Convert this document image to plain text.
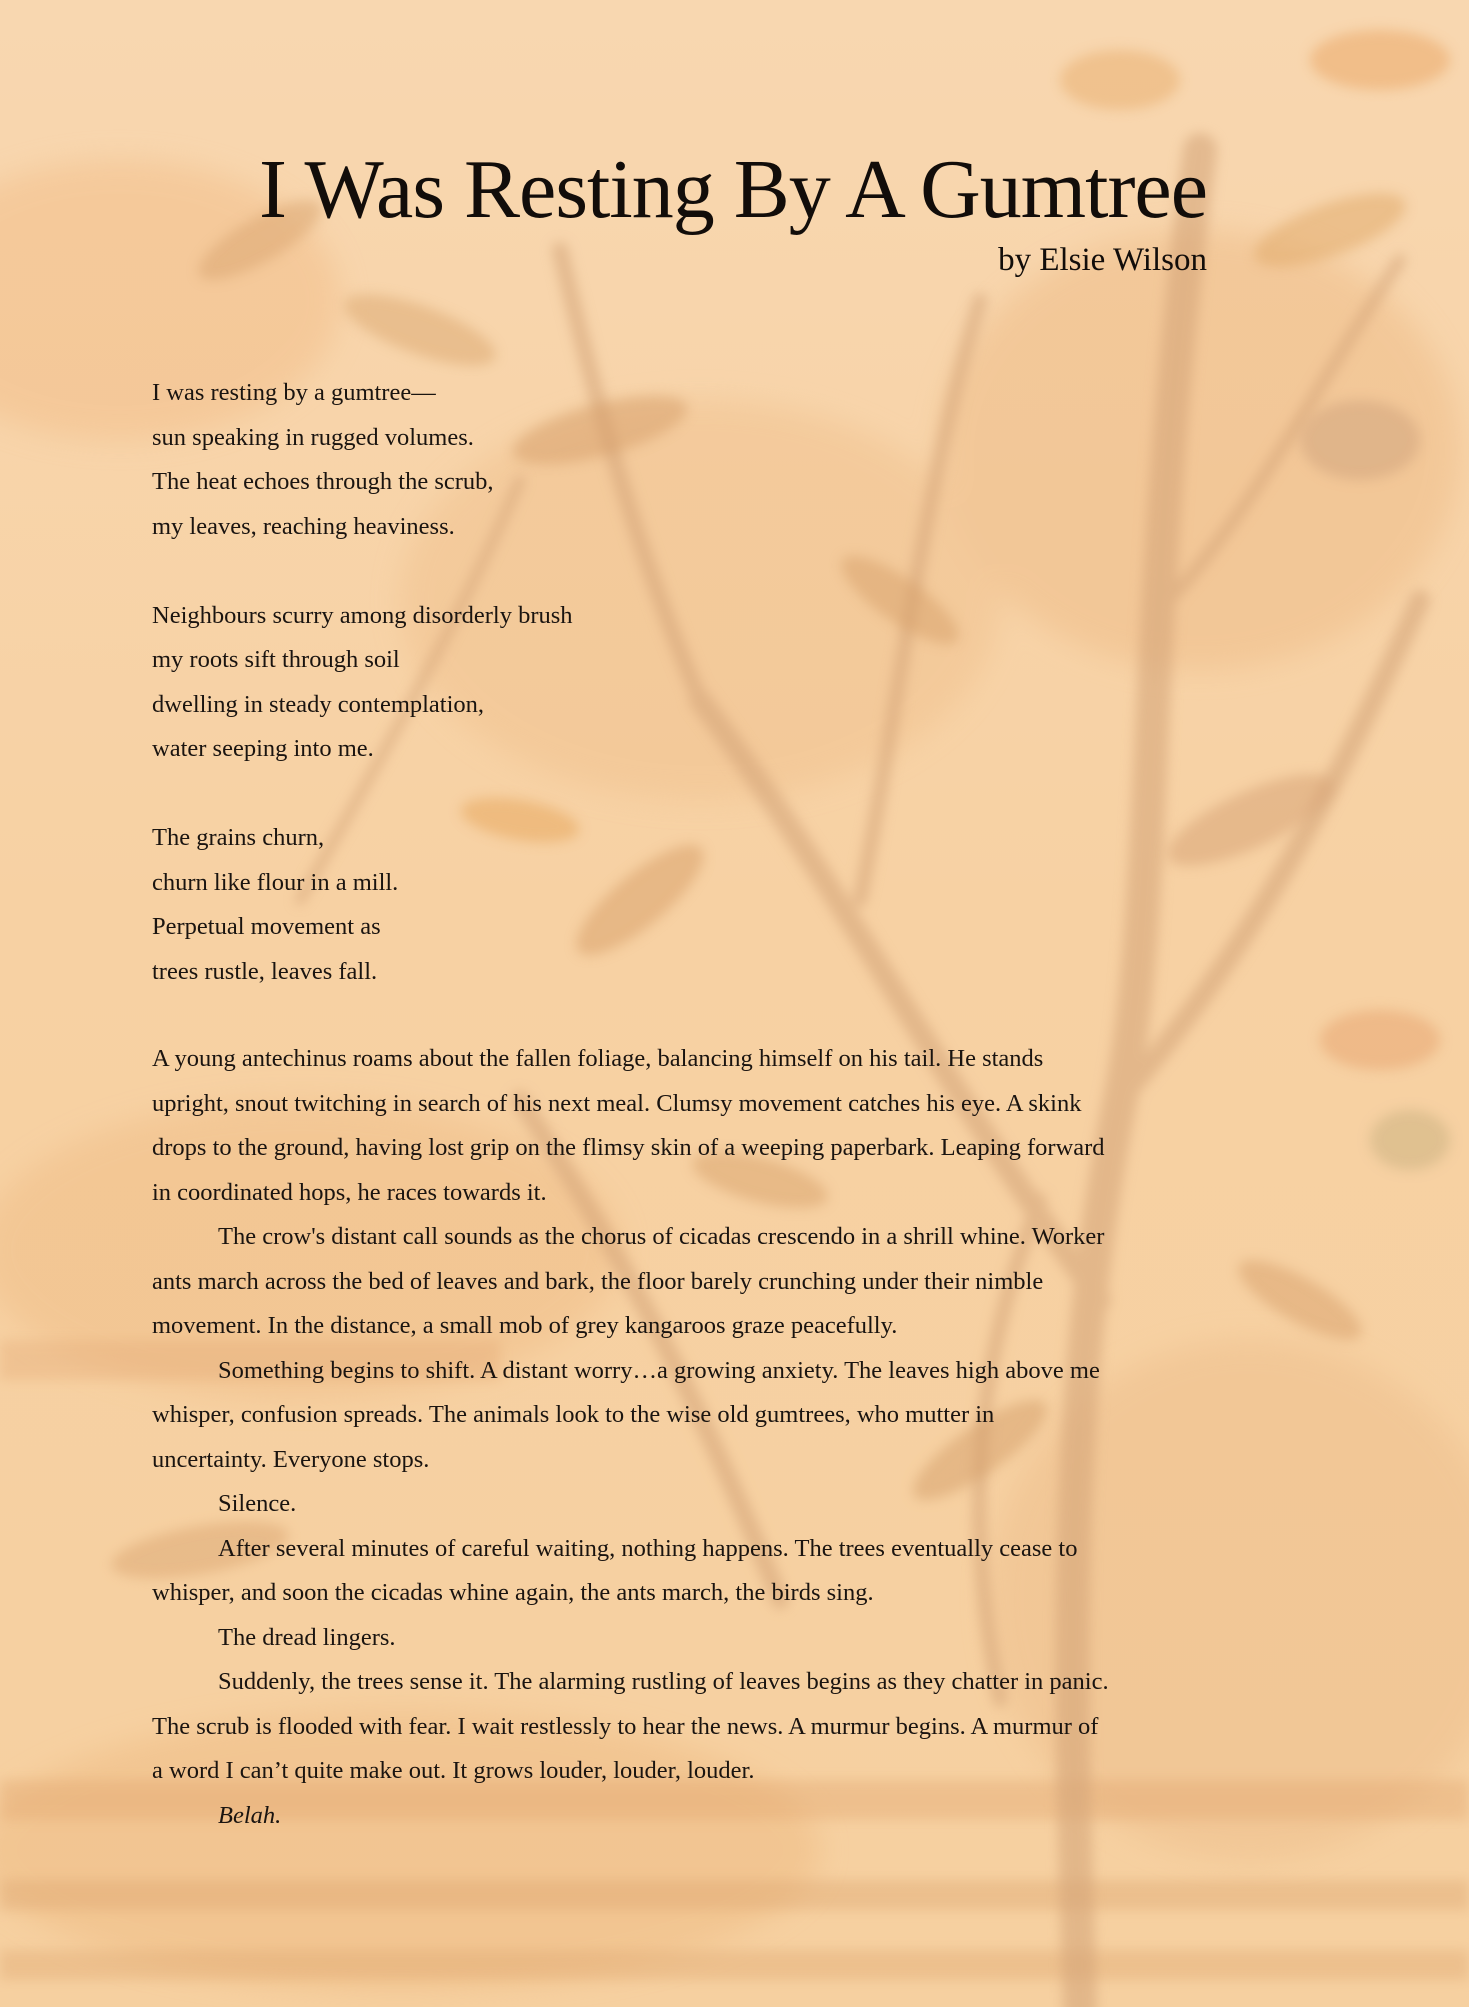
I Was Resting By A Gumtree

by Elsie Wilson

I was resting by a gumtree—
sun speaking in rugged volumes.
The heat echoes through the scrub,
my leaves, reaching heaviness.
Neighbours scurry among disorderly brush
my roots sift through soil
dwelling in steady contemplation,
water seeping into me.
The grains churn,
churn like flour in a mill.
Perpetual movement as
trees rustle, leaves fall.

A young antechinus roams about the fallen foliage, balancing himself on his tail. He stands upright, snout twitching in search of his next meal. Clumsy movement catches his eye. A skink drops to the ground, having lost grip on the flimsy skin of a weeping paperbark. Leaping forward in coordinated hops, he races towards it.

The crow's distant call sounds as the chorus of cicadas crescendo in a shrill whine. Worker ants march across the bed of leaves and bark, the floor barely crunching under their nimble movement. In the distance, a small mob of grey kangaroos graze peacefully.

Something begins to shift. A distant worry…a growing anxiety. The leaves high above me whisper, confusion spreads. The animals look to the wise old gumtrees, who mutter in uncertainty. Everyone stops.

Silence.

After several minutes of careful waiting, nothing happens. The trees eventually cease to whisper, and soon the cicadas whine again, the ants march, the birds sing.

The dread lingers.

Suddenly, the trees sense it. The alarming rustling of leaves begins as they chatter in panic. The scrub is flooded with fear. I wait restlessly to hear the news. A murmur begins. A murmur of a word I can’t quite make out. It grows louder, louder, louder.

Belah.
